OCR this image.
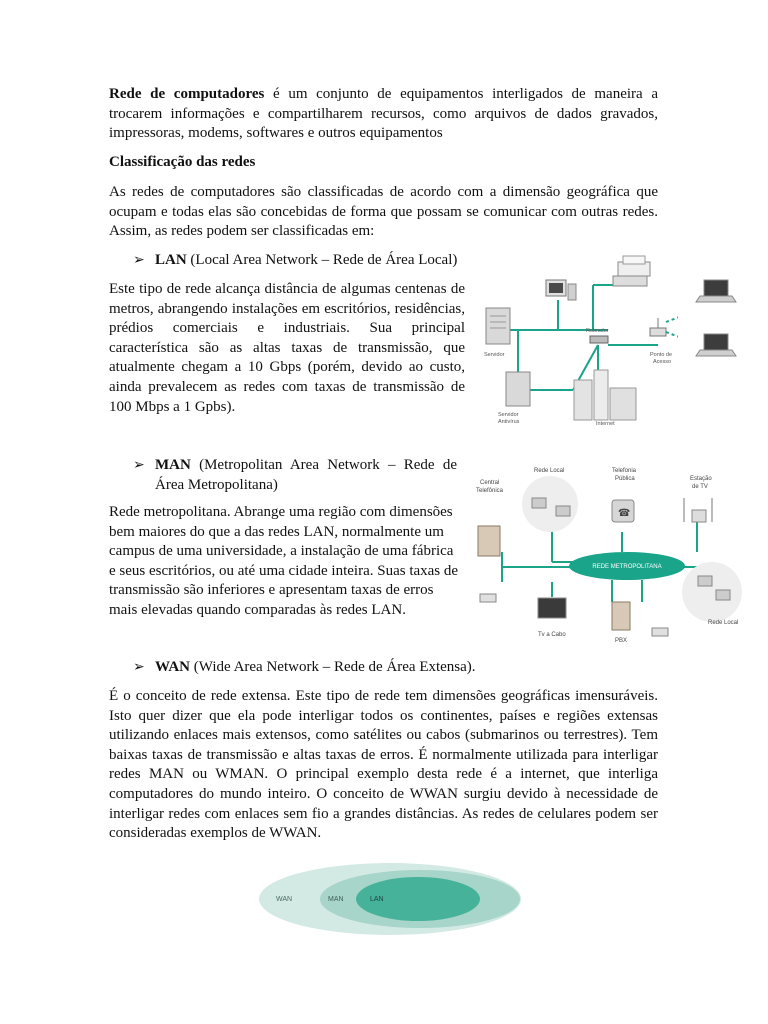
Rede de computadores é um conjunto de equipamentos interligados de maneira a trocarem informações e compartilharem recursos, como arquivos de dados gravados, impressoras, modems, softwares e outros equipamentos

Classificação das redes

As redes de computadores são classificadas de acordo com a dimensão geográfica que ocupam e todas elas são concebidas de forma que possam se comunicar com outras redes. Assim, as redes podem ser classificadas em:

➢ LAN (Local Area Network – Rede de Área Local)

Este tipo de rede alcança distância de algumas centenas de metros, abrangendo instalações em escritórios, residências, prédios comerciais e industriais. Sua principal característica são as altas taxas de transmissão, que atualmente chegam a 10 Gbps (porém, devido ao custo, ainda prevalecem as redes com taxas de transmissão de 100 Mbps a 1 Gpbs).

Servidor
Roteador
Ponto de
Acesso
Servidor
Antivírus	Internet
➢ MAN (Metropolitan Area Network – Rede de Área Metropolitana)

Rede metropolitana. Abrange uma região com dimensões bem maiores do que a das redes LAN, normalmente um campus de uma universidade, a instalação de uma fábrica e seus escritórios, ou até uma cidade inteira. Suas taxas de transmissão são inferiores e apresentam taxas de erros mais elevadas quando comparadas às redes LAN.

Rede Local
☎
Telefonia
Pública	Estação
de TV
Central
Telefônica
REDE METROPOLITANA
Rede Local
Tv a Cabo
PBX
➢ WAN (Wide Area Network – Rede de Área Extensa).

É o conceito de rede extensa. Este tipo de rede tem dimensões geográficas imensuráveis. Isto quer dizer que ela pode interligar todos os continentes, países e regiões extensas utilizando enlaces mais extensos, como satélites ou cabos (submarinos ou terrestres). Tem baixas taxas de transmissão e altas taxas de erros. É normalmente utilizada para interligar redes MAN ou WMAN. O principal exemplo desta rede é a internet, que interliga computadores do mundo inteiro. O conceito de WWAN surgiu devido à necessidade de interligar redes com enlaces sem fio a grandes distâncias. As redes de celulares podem ser consideradas exemplos de WWAN.

WAN	MAN	LAN
